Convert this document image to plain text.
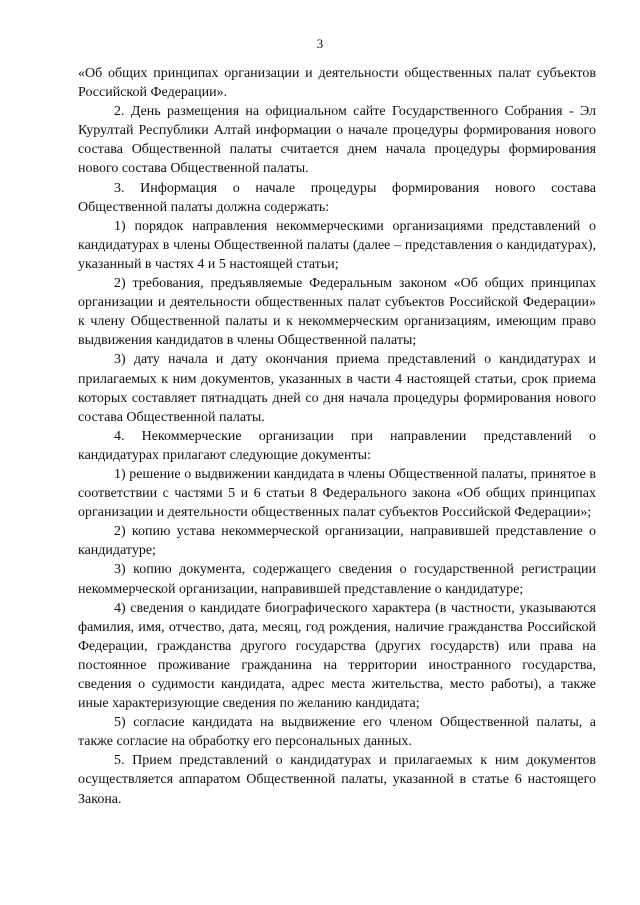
3

«Об общих принципах организации и деятельности общественных палат субъектов Российской Федерации».

2. День размещения на официальном сайте Государственного Собрания - Эл Курултай Республики Алтай информации о начале процедуры формирования нового состава Общественной палаты считается днем начала процедуры формирования нового состава Общественной палаты.

3. Информация о начале процедуры формирования нового состава Общественной палаты должна содержать:

1) порядок направления некоммерческими организациями представлений о кандидатурах в члены Общественной палаты (далее – представления о кандидатурах), указанный в частях 4 и 5 настоящей статьи;

2) требования, предъявляемые Федеральным законом «Об общих принципах организации и деятельности общественных палат субъектов Российской Федерации» к члену Общественной палаты и к некоммерческим организациям, имеющим право выдвижения кандидатов в члены Общественной палаты;

3) дату начала и дату окончания приема представлений о кандидатурах и прилагаемых к ним документов, указанных в части 4 настоящей статьи, срок приема которых составляет пятнадцать дней со дня начала процедуры формирования нового состава Общественной палаты.

4. Некоммерческие организации при направлении представлений о кандидатурах прилагают следующие документы:

1) решение о выдвижении кандидата в члены Общественной палаты, принятое в соответствии с частями 5 и 6 статьи 8 Федерального закона «Об общих принципах организации и деятельности общественных палат субъектов Российской Федерации»;

2) копию устава некоммерческой организации, направившей представление о кандидатуре;

3) копию документа, содержащего сведения о государственной регистрации некоммерческой организации, направившей представление о кандидатуре;

4) сведения о кандидате биографического характера (в частности, указываются фамилия, имя, отчество, дата, месяц, год рождения, наличие гражданства Российской Федерации, гражданства другого государства (других государств) или права на постоянное проживание гражданина на территории иностранного государства, сведения о судимости кандидата, адрес места жительства, место работы), а также иные характеризующие сведения по желанию кандидата;

5) согласие кандидата на выдвижение его членом Общественной палаты, а также согласие на обработку его персональных данных.

5. Прием представлений о кандидатурах и прилагаемых к ним документов осуществляется аппаратом Общественной палаты, указанной в статье 6 настоящего Закона.
